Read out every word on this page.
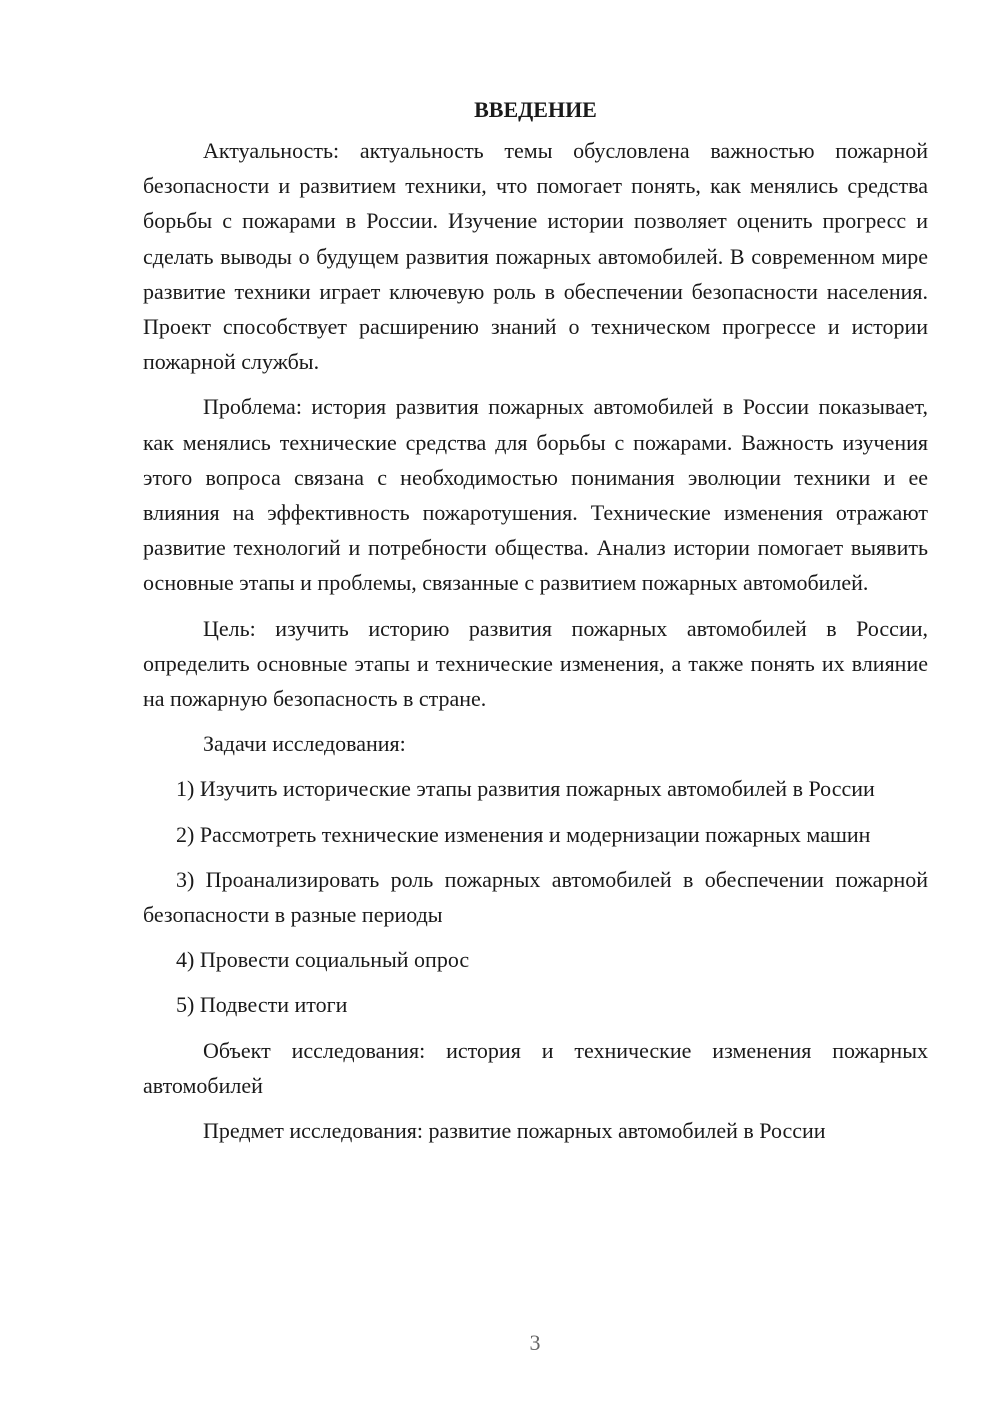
ВВЕДЕНИЕ

Актуальность: актуальность темы обусловлена важностью пожарной безопасности и развитием техники, что помогает понять, как менялись средства борьбы с пожарами в России. Изучение истории позволяет оценить прогресс и сделать выводы о будущем развития пожарных автомобилей. В современном мире развитие техники играет ключевую роль в обеспечении безопасности населения. Проект способствует расширению знаний о техническом прогрессе и истории пожарной службы.

Проблема: история развития пожарных автомобилей в России показывает, как менялись технические средства для борьбы с пожарами. Важность изучения этого вопроса связана с необходимостью понимания эволюции техники и ее влияния на эффективность пожаротушения. Технические изменения отражают развитие технологий и потребности общества. Анализ истории помогает выявить основные этапы и проблемы, связанные с развитием пожарных автомобилей.

Цель: изучить историю развития пожарных автомобилей в России, определить основные этапы и технические изменения, а также понять их влияние на пожарную безопасность в стране.

Задачи исследования:

1) Изучить исторические этапы развития пожарных автомобилей в России

2) Рассмотреть технические изменения и модернизации пожарных машин

3) Проанализировать роль пожарных автомобилей в обеспечении пожарной безопасности в разные периоды

4) Провести социальный опрос

5) Подвести итоги

Объект исследования: история и технические изменения пожарных автомобилей

Предмет исследования: развитие пожарных автомобилей в России

3
